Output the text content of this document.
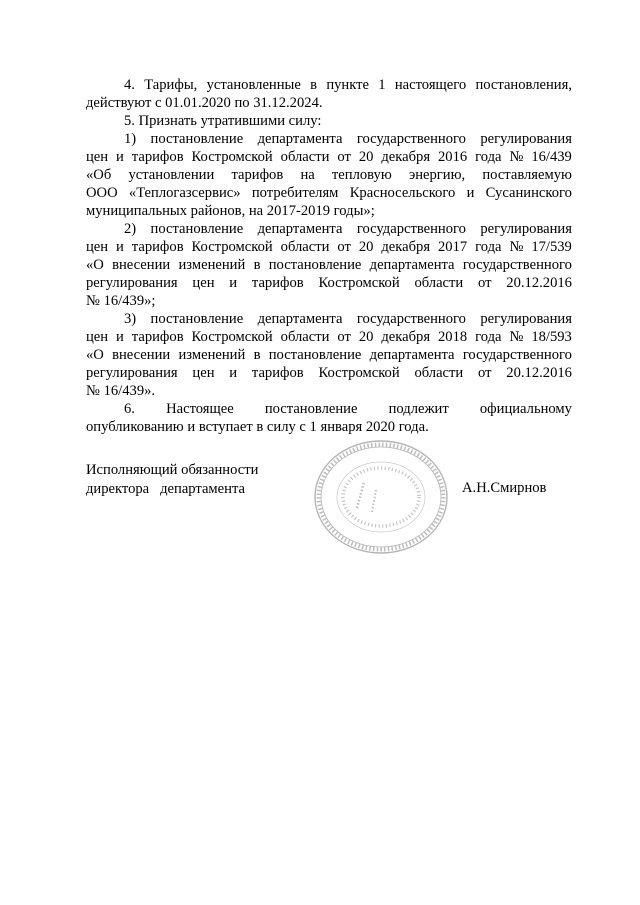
4. Тарифы, установленные в пункте 1 настоящего постановления,
действуют с 01.01.2020 по 31.12.2024.
5. Признать утратившими силу:
1) постановление департамента государственного регулирования
цен и тарифов Костромской области от 20 декабря 2016 года № 16/439
«Об установлении тарифов на тепловую энергию, поставляемую
ООО «Теплогазсервис» потребителям Красносельского и Сусанинского
муниципальных районов, на 2017-2019 годы»;
2) постановление департамента государственного регулирования
цен и тарифов Костромской области от 20 декабря 2017 года № 17/539
«О внесении изменений в постановление департамента государственного
регулирования цен и тарифов Костромской области от 20.12.2016
№ 16/439»;
3) постановление департамента государственного регулирования
цен и тарифов Костромской области от 20 декабря 2018 года № 18/593
«О внесении изменений в постановление департамента государственного
регулирования цен и тарифов Костромской области от 20.12.2016
№ 16/439».
6. Настоящее постановление подлежит официальному
опубликованию и вступает в силу с 1 января 2020 года.
Исполняющий обязанности
директора   департамента	А.Н.Смирнов
